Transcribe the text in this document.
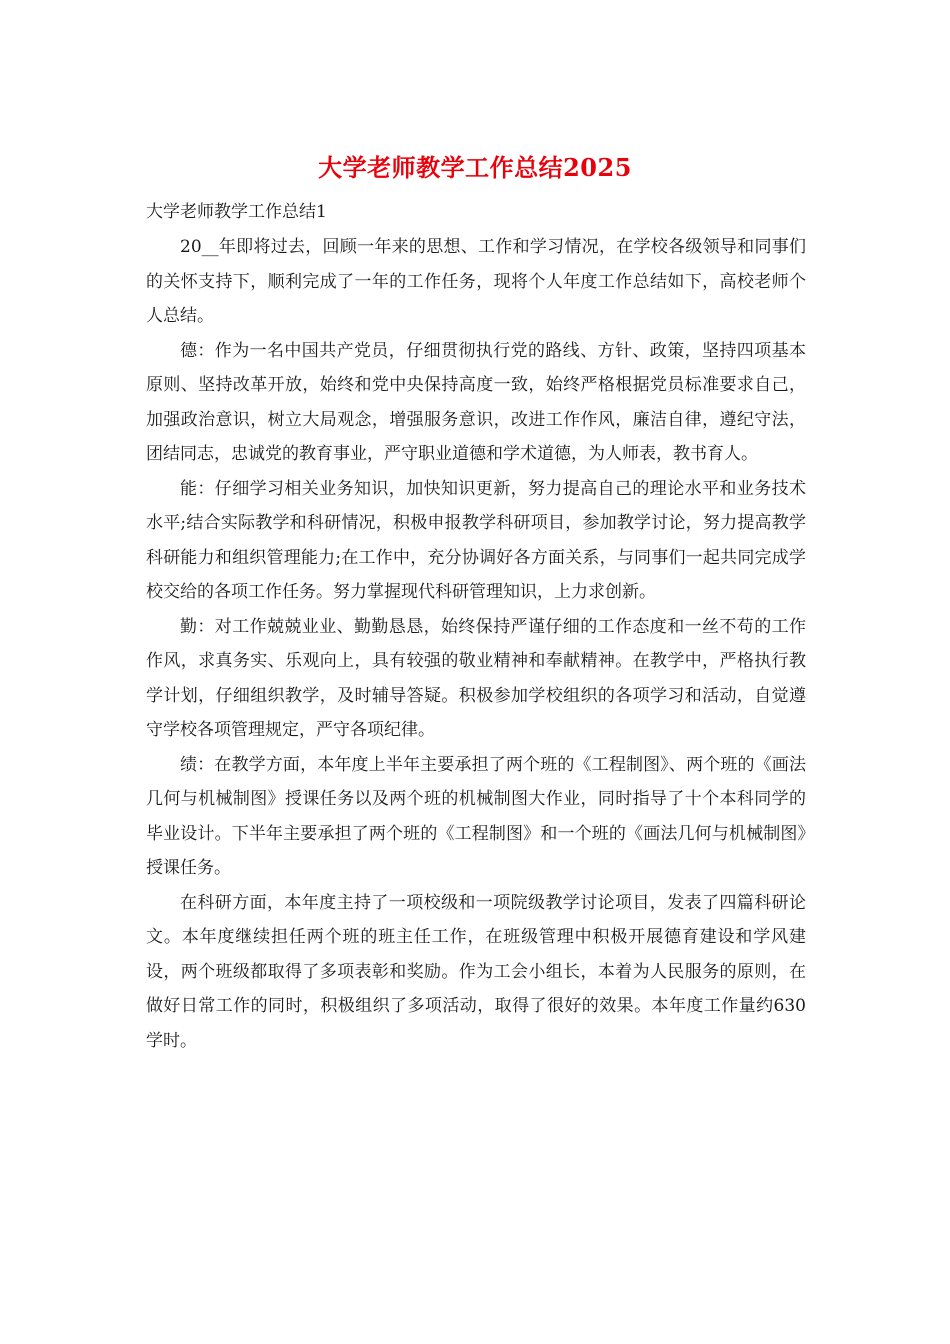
大学老师教学工作总结2025
大学老师教学工作总结1

20__年即将过去，回顾一年来的思想、工作和学习情况，在学校各级领导和同事们的关怀支持下，顺利完成了一年的工作任务，现将个人年度工作总结如下，高校老师个人总结。

德：作为一名中国共产党员，仔细贯彻执行党的路线、方针、政策，坚持四项基本原则、坚持改革开放，始终和党中央保持高度一致，始终严格根据党员标准要求自己，加强政治意识，树立大局观念，增强服务意识，改进工作作风，廉洁自律，遵纪守法，团结同志，忠诚党的教育事业，严守职业道德和学术道德，为人师表，教书育人。

能：仔细学习相关业务知识，加快知识更新，努力提高自己的理论水平和业务技术水平;结合实际教学和科研情况，积极申报教学科研项目，参加教学讨论，努力提高教学科研能力和组织管理能力;在工作中，充分协调好各方面关系，与同事们一起共同完成学校交给的各项工作任务。努力掌握现代科研管理知识，上力求创新。

勤：对工作兢兢业业、勤勤恳恳，始终保持严谨仔细的工作态度和一丝不苟的工作作风，求真务实、乐观向上，具有较强的敬业精神和奉献精神。在教学中，严格执行教学计划，仔细组织教学，及时辅导答疑。积极参加学校组织的各项学习和活动，自觉遵守学校各项管理规定，严守各项纪律。

绩：在教学方面，本年度上半年主要承担了两个班的《工程制图》、两个班的《画法几何与机械制图》授课任务以及两个班的机械制图大作业，同时指导了十个本科同学的毕业设计。下半年主要承担了两个班的《工程制图》和一个班的《画法几何与机械制图》授课任务。

在科研方面，本年度主持了一项校级和一项院级教学讨论项目，发表了四篇科研论文。本年度继续担任两个班的班主任工作，在班级管理中积极开展德育建设和学风建设，两个班级都取得了多项表彰和奖励。作为工会小组长，本着为人民服务的原则，在做好日常工作的同时，积极组织了多项活动，取得了很好的效果。本年度工作量约630学时。
